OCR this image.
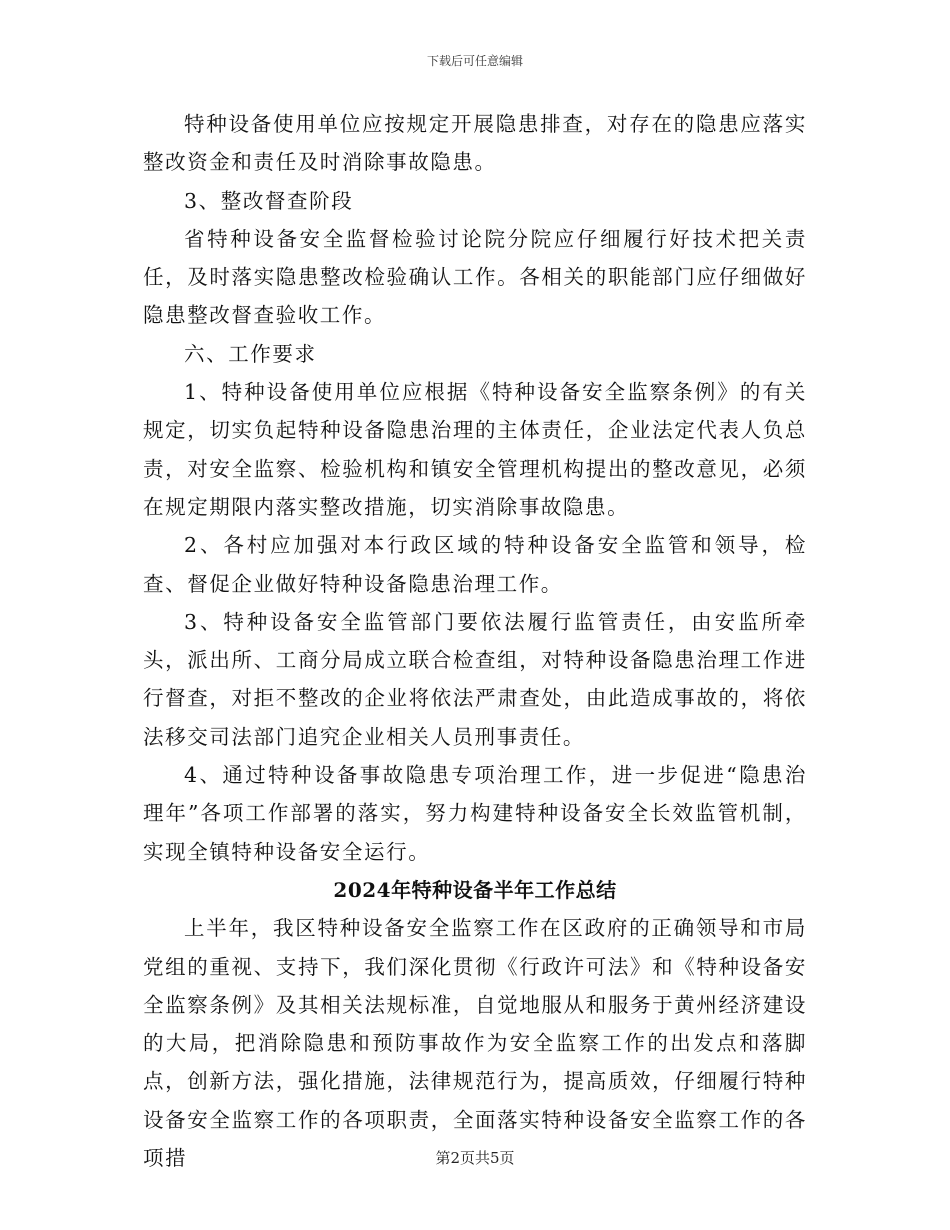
下载后可任意编辑

特种设备使用单位应按规定开展隐患排查，对存在的隐患应落实整改资金和责任及时消除事故隐患。

3、整改督查阶段

省特种设备安全监督检验讨论院分院应仔细履行好技术把关责任，及时落实隐患整改检验确认工作。各相关的职能部门应仔细做好隐患整改督查验收工作。

六、工作要求

1、特种设备使用单位应根据《特种设备安全监察条例》的有关规定，切实负起特种设备隐患治理的主体责任，企业法定代表人负总责，对安全监察、检验机构和镇安全管理机构提出的整改意见，必须在规定期限内落实整改措施，切实消除事故隐患。

2、各村应加强对本行政区域的特种设备安全监管和领导，检查、督促企业做好特种设备隐患治理工作。

3、特种设备安全监管部门要依法履行监管责任，由安监所牵头，派出所、工商分局成立联合检查组，对特种设备隐患治理工作进行督查，对拒不整改的企业将依法严肃查处，由此造成事故的，将依法移交司法部门追究企业相关人员刑事责任。

4、通过特种设备事故隐患专项治理工作，进一步促进“隐患治理年”各项工作部署的落实，努力构建特种设备安全长效监管机制，实现全镇特种设备安全运行。

2024年特种设备半年工作总结

上半年，我区特种设备安全监察工作在区政府的正确领导和市局党组的重视、支持下，我们深化贯彻《行政许可法》和《特种设备安全监察条例》及其相关法规标准，自觉地服从和服务于黄州经济建设的大局，把消除隐患和预防事故作为安全监察工作的出发点和落脚点，创新方法，强化措施，法律规范行为，提高质效，仔细履行特种设备安全监察工作的各项职责，全面落实特种设备安全监察工作的各项措	第2页共5页
